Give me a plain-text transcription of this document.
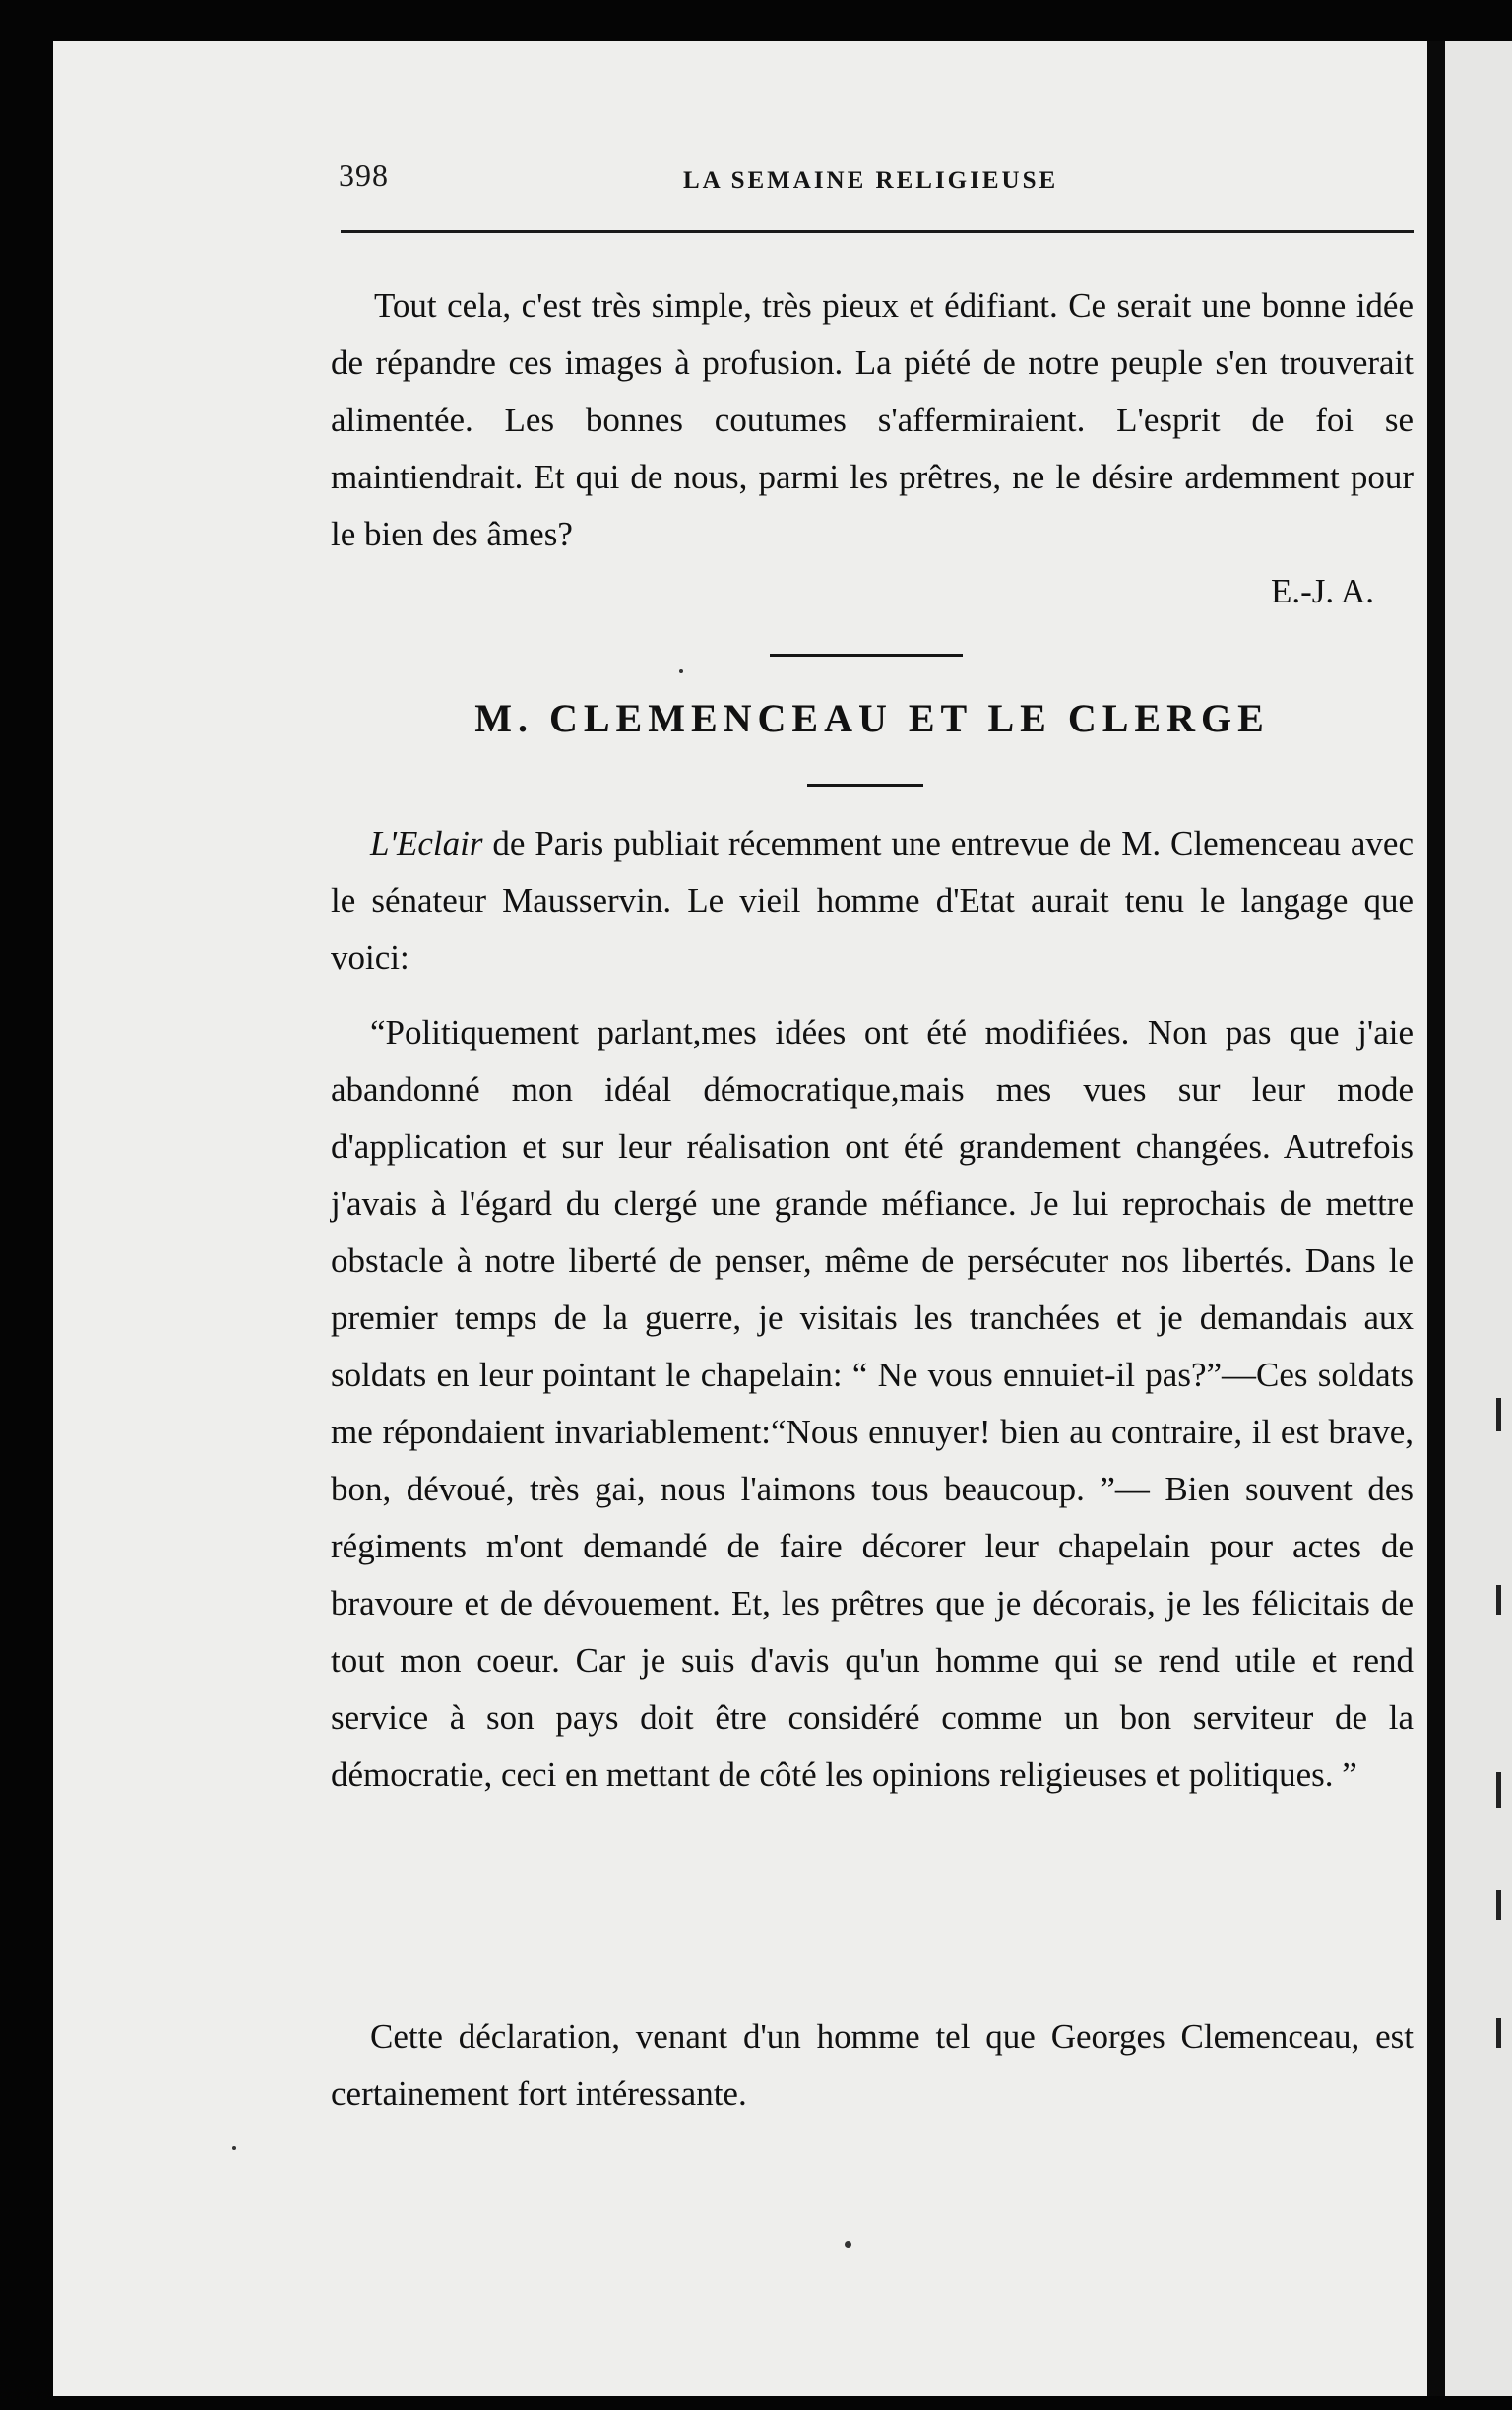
398	LA SEMAINE RELIGIEUSE

Tout cela, c'est très simple, très pieux et édifiant. Ce serait une bonne idée de répandre ces images à profusion. La piété de notre peuple s'en trouverait alimentée. Les bonnes coutumes s'affermiraient. L'esprit de foi se maintiendrait. Et qui de nous, parmi les prêtres, ne le désire ardemment pour le bien des âmes?

E.-J. A.
M. CLEMENCEAU ET LE CLERGE

L'Eclair de Paris publiait récemment une entrevue de M. Clemenceau avec le sénateur Mausservin. Le vieil homme d'Etat aurait tenu le langage que voici:

“Politiquement parlant,mes idées ont été modifiées. Non pas que j'aie abandonné mon idéal démocratique,mais mes vues sur leur mode d'application et sur leur réalisation ont été grandement changées. Autrefois j'avais à l'égard du clergé une grande méfiance. Je lui reprochais de mettre obstacle à notre liberté de penser, même de persécuter nos libertés. Dans le premier temps de la guerre, je visitais les tranchées et je demandais aux soldats en leur pointant le chapelain: “ Ne vous ennuiet-il pas?”—Ces soldats me répondaient invariablement:“Nous ennuyer! bien au contraire, il est brave, bon, dévoué, très gai, nous l'aimons tous beaucoup. ”— Bien souvent des régiments m'ont demandé de faire décorer leur chapelain pour actes de bravoure et de dévouement. Et, les prêtres que je décorais, je les félicitais de tout mon coeur. Car je suis d'avis qu'un homme qui se rend utile et rend service à son pays doit être considéré comme un bon serviteur de la démocratie, ceci en mettant de côté les opinions religieuses et politiques. ”

Cette déclaration, venant d'un homme tel que Georges Clemenceau, est certainement fort intéressante.
